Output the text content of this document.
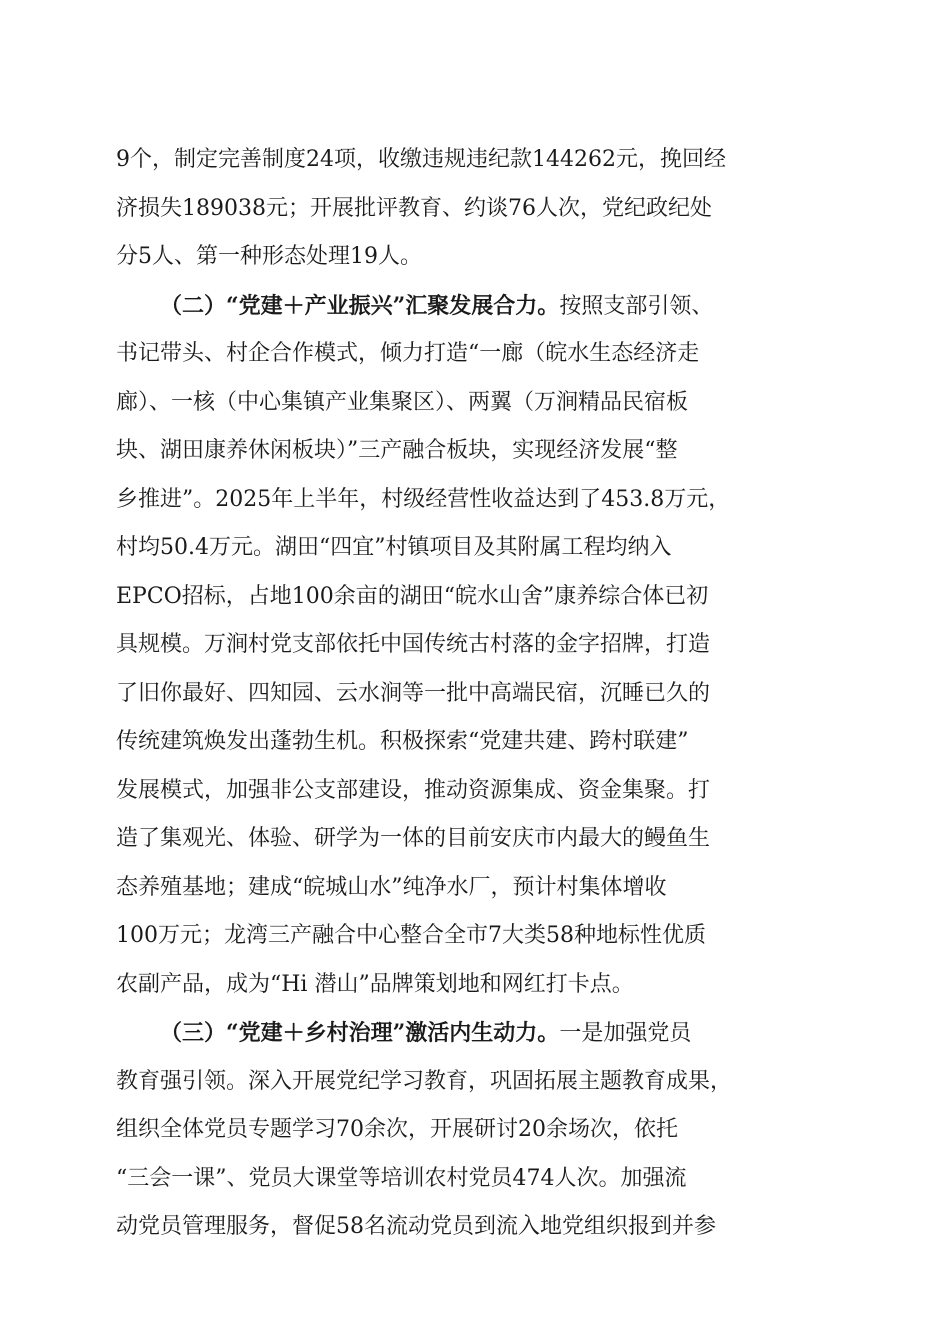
9个，制定完善制度24项，收缴违规违纪款144262元，挽回经
济损失189038元；开展批评教育、约谈76人次，党纪政纪处
分5人、第一种形态处理19人。
（二）“党建＋产业振兴”汇聚发展合力。按照支部引领、
书记带头、村企合作模式，倾力打造“一廊（皖水生态经济走
廊）、一核（中心集镇产业集聚区）、两翼（万涧精品民宿板
块、湖田康养休闲板块）”三产融合板块，实现经济发展“整
乡推进”。2025年上半年，村级经营性收益达到了453.8万元，
村均50.4万元。湖田“四宜”村镇项目及其附属工程均纳入
EPCO招标，占地100余亩的湖田“皖水山舍”康养综合体已初
具规模。万涧村党支部依托中国传统古村落的金字招牌，打造
了旧你最好、四知园、云水涧等一批中高端民宿，沉睡已久的
传统建筑焕发出蓬勃生机。积极探索“党建共建、跨村联建”
发展模式，加强非公支部建设，推动资源集成、资金集聚。打
造了集观光、体验、研学为一体的目前安庆市内最大的鳗鱼生
态养殖基地；建成“皖城山水”纯净水厂，预计村集体增收
100万元；龙湾三产融合中心整合全市7大类58种地标性优质
农副产品，成为“Hi 潜山”品牌策划地和网红打卡点。
（三）“党建＋乡村治理”激活内生动力。一是加强党员
教育强引领。深入开展党纪学习教育，巩固拓展主题教育成果，
组织全体党员专题学习70余次，开展研讨20余场次，依托
“三会一课”、党员大课堂等培训农村党员474人次。加强流
动党员管理服务，督促58名流动党员到流入地党组织报到并参
